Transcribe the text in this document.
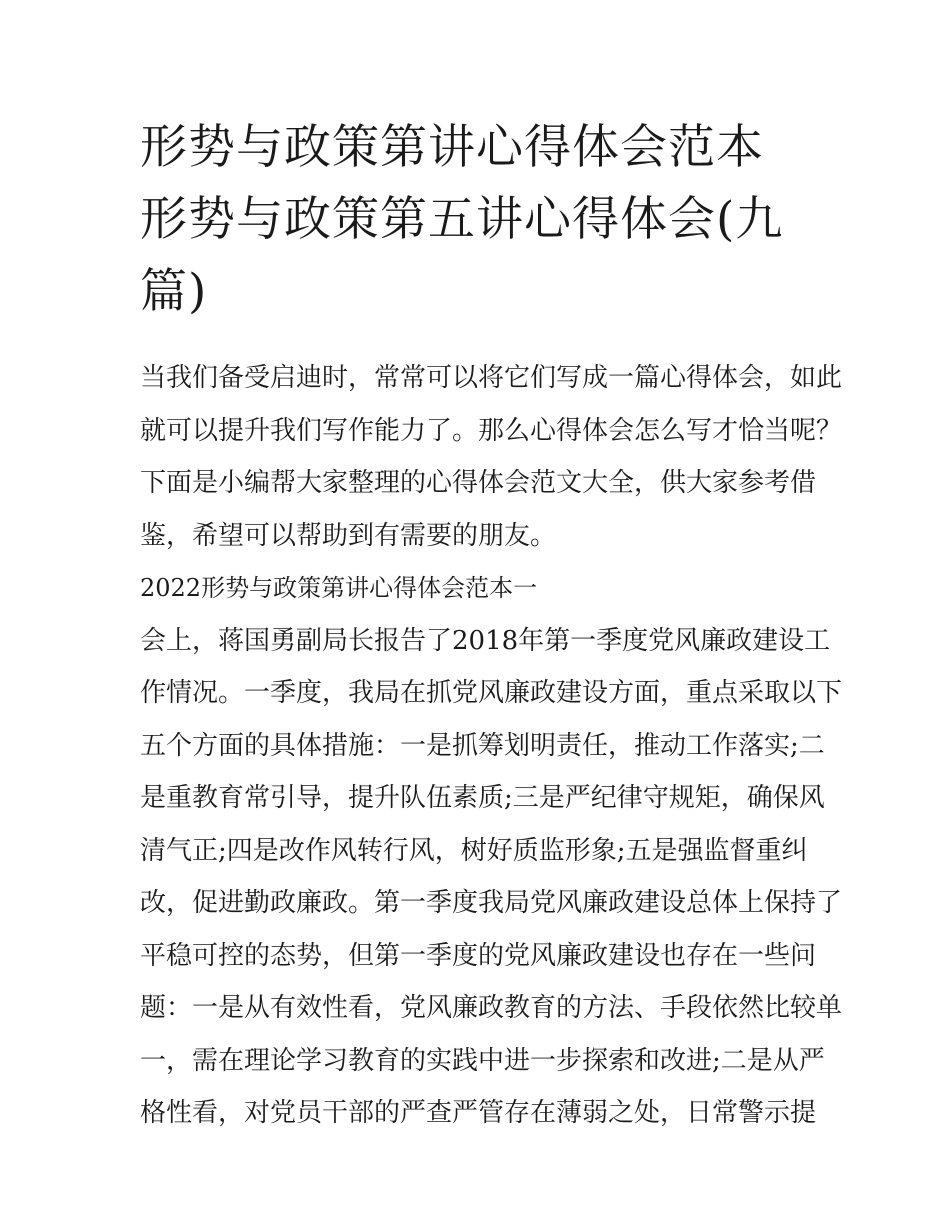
形势与政策第讲心得体会范本
形势与政策第五讲心得体会(九
篇)

当我们备受启迪时，常常可以将它们写成一篇心得体会，如此

就可以提升我们写作能力了。那么心得体会怎么写才恰当呢？

下面是小编帮大家整理的心得体会范文大全，供大家参考借

鉴，希望可以帮助到有需要的朋友。

2022形势与政策第讲心得体会范本一

会上，蒋国勇副局长报告了2018年第一季度党风廉政建设工

作情况。一季度，我局在抓党风廉政建设方面，重点采取以下

五个方面的具体措施：一是抓筹划明责任，推动工作落实;二

是重教育常引导，提升队伍素质;三是严纪律守规矩，确保风

清气正;四是改作风转行风，树好质监形象;五是强监督重纠

改，促进勤政廉政。第一季度我局党风廉政建设总体上保持了

平稳可控的态势，但第一季度的党风廉政建设也存在一些问

题：一是从有效性看，党风廉政教育的方法、手段依然比较单

一，需在理论学习教育的实践中进一步探索和改进;二是从严

格性看，对党员干部的严查严管存在薄弱之处，日常警示提
